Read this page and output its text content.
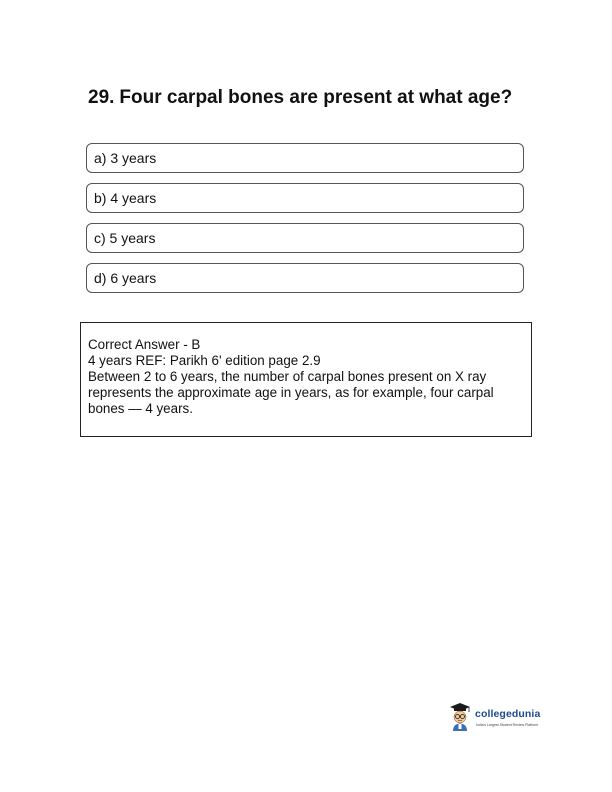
29. Four carpal bones are present at what age?
a) 3 years
b) 4 years
c) 5 years
d) 6 years

Correct Answer - B

4 years REF: Parikh 6' edition page 2.9

Between 2 to 6 years, the number of carpal bones present on X ray represents the approximate age in years, as for example, four carpal bones — 4 years.

collegedunia
India's Largest Student Review Platform
